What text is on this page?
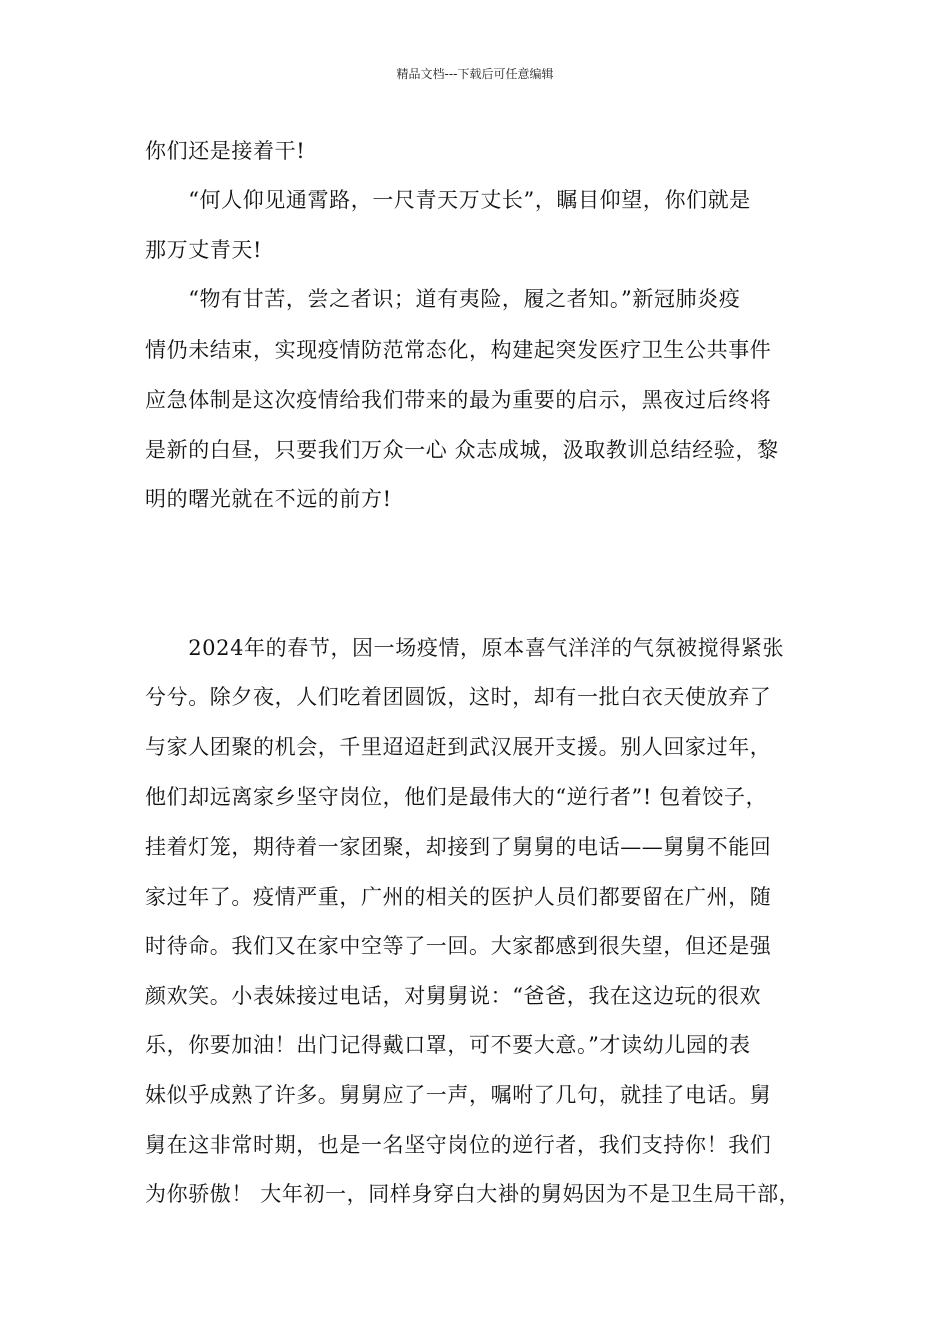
精品文档---下载后可任意编辑
你们还是接着干!
　　“何人仰见通霄路，一尺青天万丈长”，瞩目仰望，你们就是
那万丈青天!
　　“物有甘苦，尝之者识；道有夷险，履之者知。”新冠肺炎疫
情仍未结束，实现疫情防范常态化，构建起突发医疗卫生公共事件
应急体制是这次疫情给我们带来的最为重要的启示，黑夜过后终将
是新的白昼，只要我们万众一心 众志成城，汲取教训总结经验，黎
明的曙光就在不远的前方!
　　2024年的春节，因一场疫情，原本喜气洋洋的气氛被搅得紧张
兮兮。除夕夜，人们吃着团圆饭，这时，却有一批白衣天使放弃了
与家人团聚的机会，千里迢迢赶到武汉展开支援。别人回家过年，
他们却远离家乡坚守岗位，他们是最伟大的“逆行者”! 包着饺子，
挂着灯笼，期待着一家团聚，却接到了舅舅的电话——舅舅不能回
家过年了。疫情严重，广州的相关的医护人员们都要留在广州，随
时待命。我们又在家中空等了一回。大家都感到很失望，但还是强
颜欢笑。小表妹接过电话，对舅舅说：“爸爸，我在这边玩的很欢
乐，你要加油！出门记得戴口罩，可不要大意。”才读幼儿园的表
妹似乎成熟了许多。舅舅应了一声，嘱咐了几句，就挂了电话。舅
舅在这非常时期，也是一名坚守岗位的逆行者，我们支持你！我们
为你骄傲！ 大年初一，同样身穿白大褂的舅妈因为不是卫生局干部，
